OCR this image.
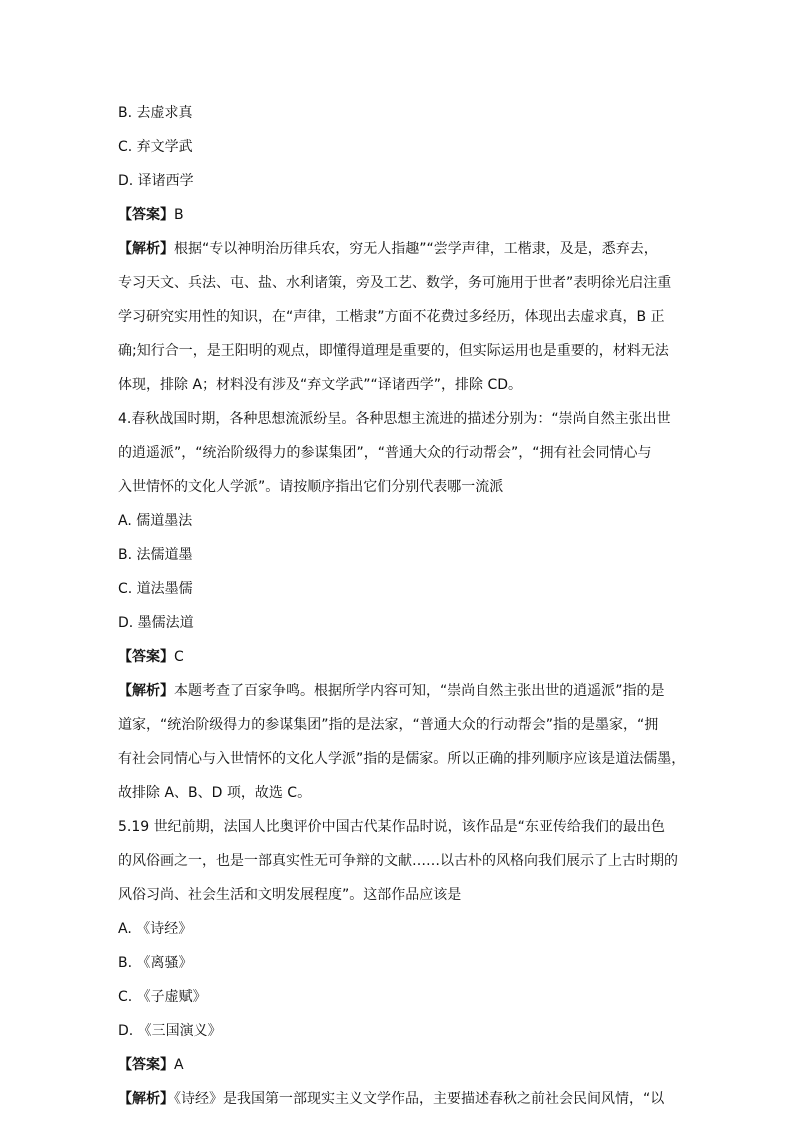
B. 去虚求真
C. 弃文学武
D. 译诸西学
【答案】B
【解析】根据“专以神明治历律兵农，穷无人指趣”“尝学声律，工楷隶，及是，悉弃去，
专习天文、兵法、屯、盐、水利诸策，旁及工艺、数学，务可施用于世者”表明徐光启注重
学习研究实用性的知识，在“声律，工楷隶”方面不花费过多经历，体现出去虚求真，B 正
确;知行合一，是王阳明的观点，即懂得道理是重要的，但实际运用也是重要的，材料无法
体现，排除 A；材料没有涉及“弃文学武”“译诸西学”，排除 CD。
4.春秋战国时期，各种思想流派纷呈。各种思想主流进的描述分别为：“崇尚自然主张出世
的逍遥派”，“统治阶级得力的参谋集团”，“普通大众的行动帮会”，“拥有社会同情心与
入世情怀的文化人学派”。请按顺序指出它们分别代表哪一流派
A. 儒道墨法
B. 法儒道墨
C. 道法墨儒
D. 墨儒法道
【答案】C
【解析】本题考查了百家争鸣。根据所学内容可知，“崇尚自然主张出世的逍遥派”指的是
道家，“统治阶级得力的参谋集团”指的是法家，“普通大众的行动帮会”指的是墨家，“拥
有社会同情心与入世情怀的文化人学派”指的是儒家。所以正确的排列顺序应该是道法儒墨，
故排除 A、B、D 项，故选 C。
5.19 世纪前期，法国人比奥评价中国古代某作品时说，该作品是“东亚传给我们的最出色
的风俗画之一，也是一部真实性无可争辩的文献……以古朴的风格向我们展示了上古时期的
风俗习尚、社会生活和文明发展程度”。这部作品应该是
A. 《诗经》
B. 《离骚》
C. 《子虚赋》
D. 《三国演义》
【答案】A
【解析】《诗经》是我国第一部现实主义文学作品，主要描述春秋之前社会民间风情，“以
